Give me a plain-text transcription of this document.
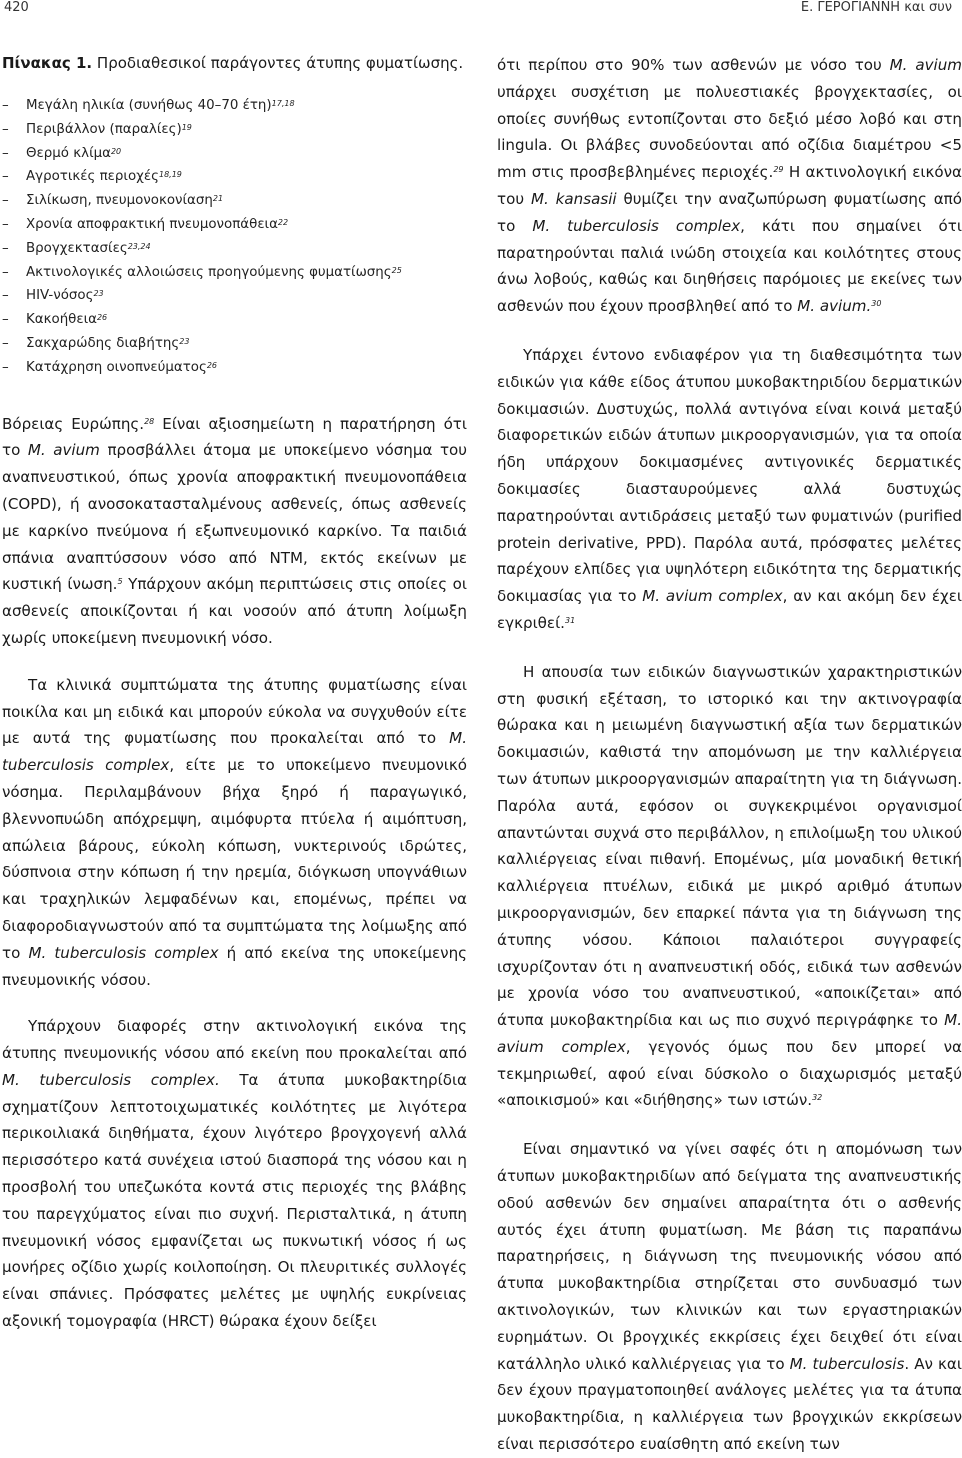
420	Ε. ΓΕΡΟΓΙΑΝΝΗ και συν
Πίνακας 1. Προδιαθεσικοί παράγοντες άτυπης φυματίωσης.
– Μεγάλη ηλικία (συνήθως 40–70 έτη)$^{17,18}$
– Περιβάλλον $(\pi\alpha\rho\alpha\lambda ί\varepsilon\varsigma)^{19}$
– Θερμό κλίμα$^{20}$
– Αγροτικές περιοχές$^{18,19}$
– Σιλίκωση, πνευμονοκονίαση$^{21}$
– Χρονία αποφρακτική πνευμονοπάθεια$^{22}$
– Βρογχεκτασίες$^{23,24}$
– Ακτινολογικές αλλοιώσεις προηγούμενης φυματίωσης$^{25}$
– HIV-νόσος$^{23}$
– Κακοήθεια$^{26}$
– Σακχαρώδης διαβήτης$^{23}$
– Κατάχρηση οινοπνεύματος$^{26}$

Βόρειας Ευρώπης.$^{28}$ Είναι αξιοσημείωτη η παρατήρηση ότι το M. avium προσβάλλει άτομα με υποκείμενο νόσημα του αναπνευστικού, όπως χρονία αποφρακτική πνευμονοπάθεια (COPD), ή ανοσοκατασταλμένους ασθενείς, όπως ασθενείς με καρκίνο πνεύμονα ή εξωπνευμονικό καρκίνο. Τα παιδιά σπάνια αναπτύσσουν νόσο από NTM, εκτός εκείνων με κυστική ίνωση.$^5$ Υπάρχουν ακόμη περιπτώσεις στις οποίες οι ασθενείς αποικίζονται ή και νοσούν από άτυπη λοίμωξη χωρίς υποκείμενη πνευμονική νόσο.

Τα κλινικά συμπτώματα της άτυπης φυματίωσης είναι ποικίλα και μη ειδικά και μπορούν εύκολα να συγχυθούν είτε με αυτά της φυματίωσης που προκαλείται από το M. tuberculosis complex, είτε με το υποκείμενο πνευμονικό νόσημα. Περιλαμβάνουν βήχα ξηρό ή παραγωγικό, βλεννοπυώδη απόχρεμψη, αιμόφυρτα πτύελα ή αιμόπτυση, απώλεια βάρους, εύκολη κόπωση, νυκτερινούς ιδρώτες, δύσπνοια στην κόπωση ή την ηρεμία, διόγκωση υπογνάθιων και τραχηλικών λεμφαδένων και, επομένως, πρέπει να διαφοροδιαγνωστούν από τα συμπτώματα της λοίμωξης από το M. tuberculosis complex ή από εκείνα της υποκείμενης πνευμονικής νόσου.

Υπάρχουν διαφορές στην ακτινολογική εικόνα της άτυπης πνευμονικής νόσου από εκείνη που προκαλείται από M. tuberculosis complex. Τα άτυπα μυκοβακτηρίδια σχηματίζουν λεπτοτοιχωματικές κοιλότητες με λιγότερα περικοιλιακά διηθήματα, έχουν λιγότερο βρογχογενή αλλά περισσότερο κατά συνέχεια ιστού διασπορά της νόσου και η προσβολή του υπεζωκότα κοντά στις περιοχές της βλάβης του παρεγχύματος είναι πιο συχνή. Περισταλτικά, η άτυπη πνευμονική νόσος εμφανίζεται ως πυκνωτική νόσος ή ως μονήρες οζίδιο χωρίς κοιλοποίηση. Οι πλευριτικές συλλογές είναι σπάνιες. Πρόσφατες μελέτες με υψηλής ευκρίνειας αξονική τομογραφία (HRCT) θώρακα έχουν δείξει

ότι περίπου στο 90% των ασθενών με νόσο του M. avium υπάρχει συσχέτιση με πολυεστιακές βρογχεκτασίες, οι οποίες συνήθως εντοπίζονται στο δεξιό μέσο λοβό και στη lingula. Οι βλάβες συνοδεύονται από οζίδια διαμέτρου <5 mm στις προσβεβλημένες περιοχές.$^{29}$ Η ακτινολογική εικόνα του M. kansasii θυμίζει την αναζωπύρωση φυματίωσης από το M. tuberculosis complex, κάτι που σημαίνει ότι παρατηρούνται παλιά ινώδη στοιχεία και κοιλότητες στους άνω λοβούς, καθώς και διηθήσεις παρόμοιες με εκείνες των ασθενών που έχουν προσβληθεί από το M. avium.$^{30}$

Υπάρχει έντονο ενδιαφέρον για τη διαθεσιμότητα των ειδικών για κάθε είδος άτυπου μυκοβακτηριδίου δερματικών δοκιμασιών. Δυστυχώς, πολλά αντιγόνα είναι κοινά μεταξύ διαφορετικών ειδών άτυπων μικροοργανισμών, για τα οποία ήδη υπάρχουν δοκιμασμένες αντιγονικές δερματικές δοκιμασίες διασταυρούμενες αλλά δυστυχώς παρατηρούνται αντιδράσεις μεταξύ των φυματινών (purified protein derivative, PPD). Παρόλα αυτά, πρόσφατες μελέτες παρέχουν ελπίδες για υψηλότερη ειδικότητα της δερματικής δοκιμασίας για το M. avium complex, αν και ακόμη δεν έχει εγκριθεί.$^{31}$

Η απουσία των ειδικών διαγνωστικών χαρακτηριστικών στη φυσική εξέταση, το ιστορικό και την ακτινογραφία θώρακα και η μειωμένη διαγνωστική αξία των δερματικών δοκιμασιών, καθιστά την απομόνωση με την καλλιέργεια των άτυπων μικροοργανισμών απαραίτητη για τη διάγνωση. Παρόλα αυτά, εφόσον οι συγκεκριμένοι οργανισμοί απαντώνται συχνά στο περιβάλλον, η επιλοίμωξη του υλικού καλλιέργειας είναι πιθανή. Επομένως, μία μοναδική θετική καλλιέργεια πτυέλων, ειδικά με μικρό αριθμό άτυπων μικροοργανισμών, δεν επαρκεί πάντα για τη διάγνωση της άτυπης νόσου. Κάποιοι παλαιότεροι συγγραφείς ισχυρίζονταν ότι η αναπνευστική οδός, ειδικά των ασθενών με χρονία νόσο του αναπνευστικού, «αποικίζεται» από άτυπα μυκοβακτηρίδια και ως πιο συχνό περιγράφηκε το M. avium complex, γεγονός όμως που δεν μπορεί να τεκμηριωθεί, αφού είναι δύσκολο ο διαχωρισμός μεταξύ «αποικισμού» και «διήθησης» των ιστών.$^{32}$

Είναι σημαντικό να γίνει σαφές ότι η απομόνωση των άτυπων μυκοβακτηριδίων από δείγματα της αναπνευστικής οδού ασθενών δεν σημαίνει απαραίτητα ότι ο ασθενής αυτός έχει άτυπη φυματίωση. Με βάση τις παραπάνω παρατηρήσεις, η διάγνωση της πνευμονικής νόσου από άτυπα μυκοβακτηρίδια στηρίζεται στο συνδυασμό των ακτινολογικών, των κλινικών και των εργαστηριακών ευρημάτων. Οι βρογχικές εκκρίσεις έχει δειχθεί ότι είναι κατάλληλο υλικό καλλιέργειας για το M. tuberculosis. Αν και δεν έχουν πραγματοποιηθεί ανάλογες μελέτες για τα άτυπα μυκοβακτηρίδια, η καλλιέργεια των βρογχικών εκκρίσεων είναι περισσότερο ευαίσθητη από εκείνη των
